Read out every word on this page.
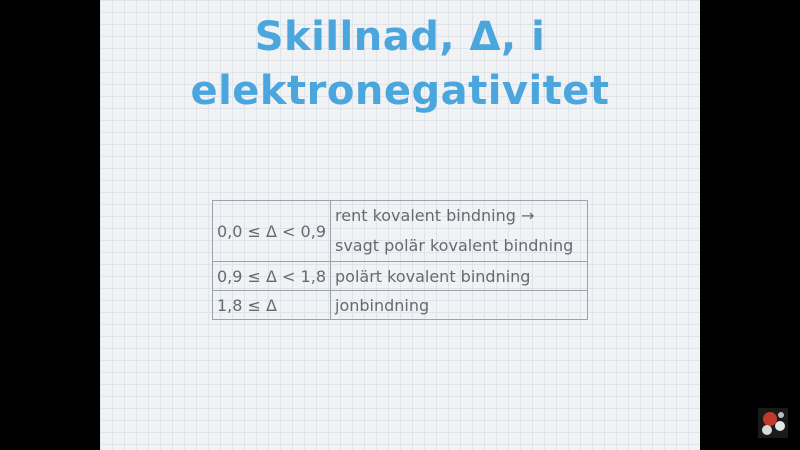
Skillnad, Δ, i
elektronegativitet
0,0 ≤ Δ < 0,9	rent kovalent bindning →
svagt polär kovalent bindning

0,9 ≤ Δ < 1,8	polärt kovalent bindning
1,8 ≤ Δ	jonbindning
